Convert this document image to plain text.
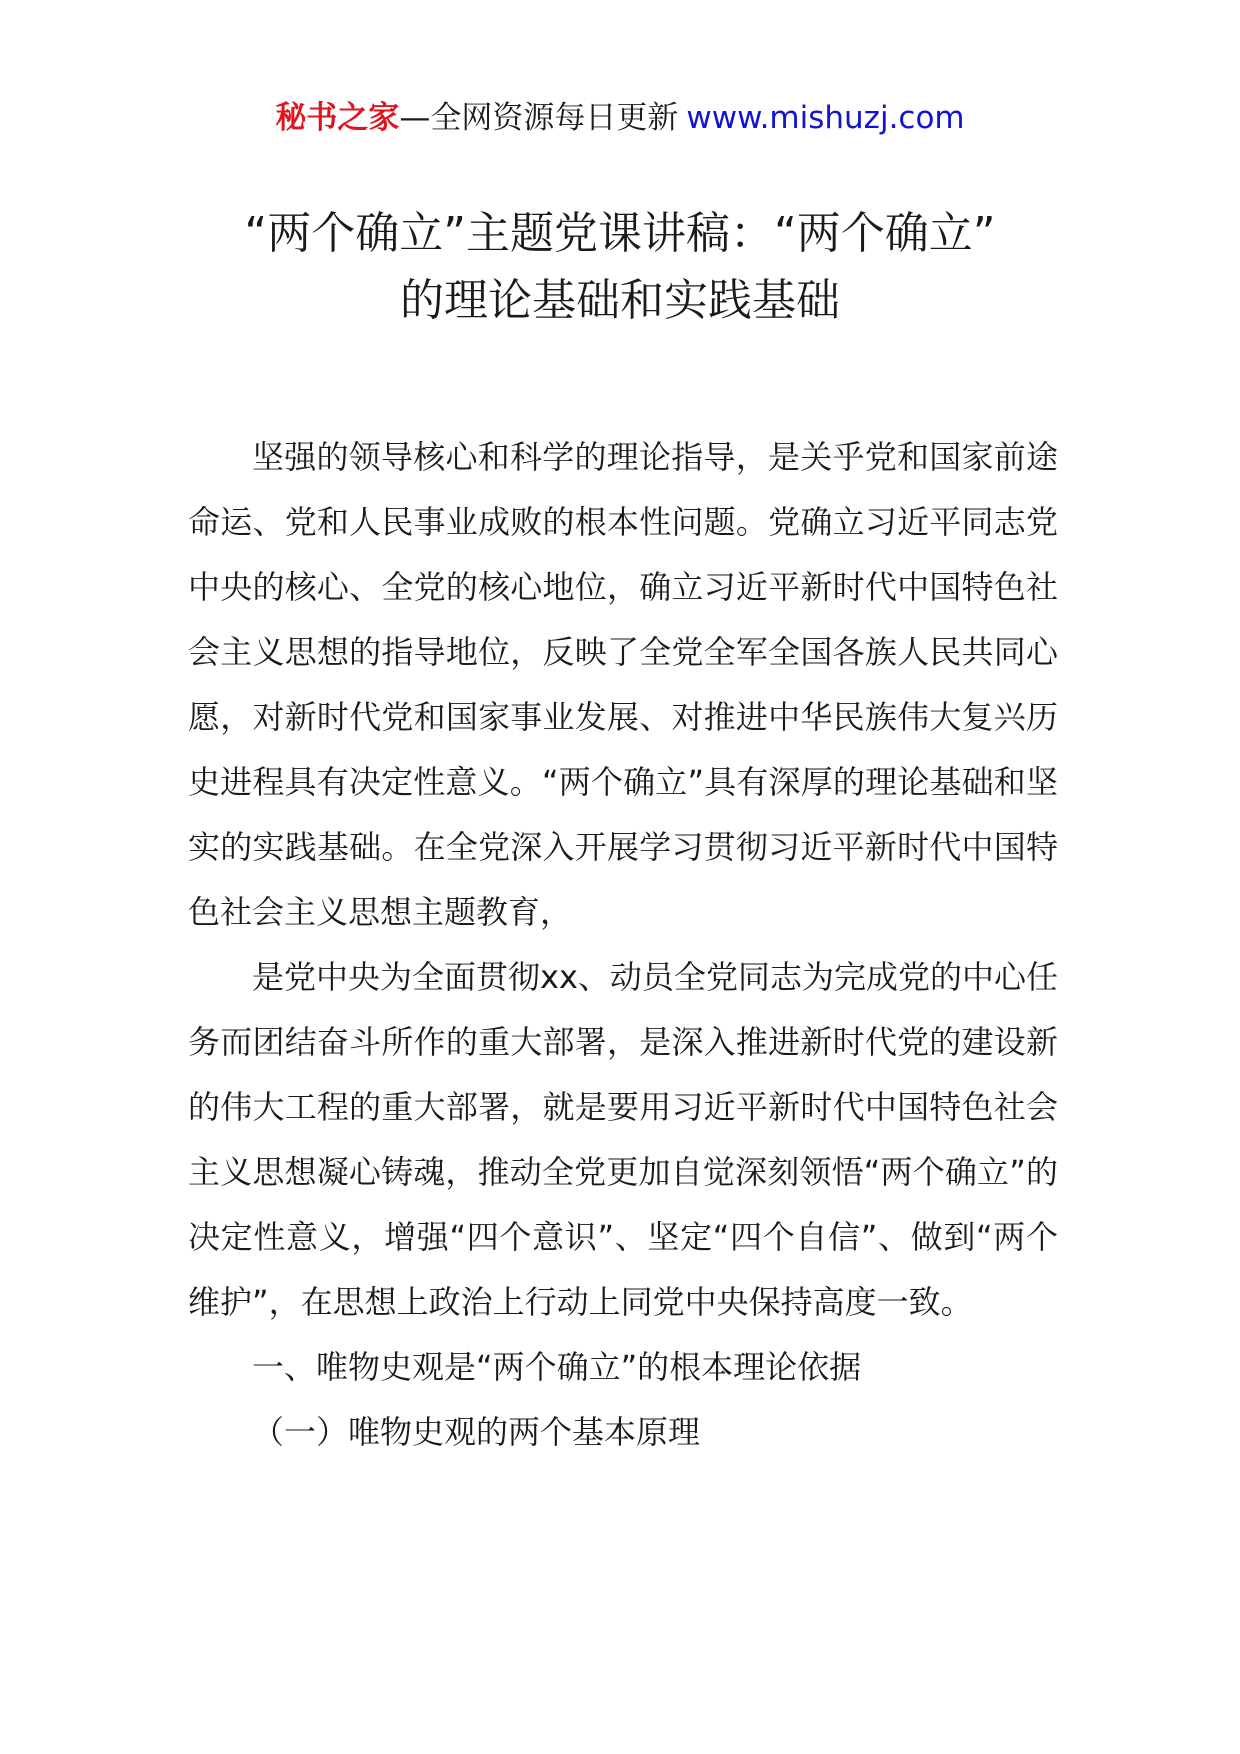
秘书之家—全网资源每日更新 www.mishuzj.com
“两个确立”主题党课讲稿：“两个确立”
的理论基础和实践基础

坚强的领导核心和科学的理论指导，是关乎党和国家前途命运、党和人民事业成败的根本性问题。党确立习近平同志党中央的核心、全党的核心地位，确立习近平新时代中国特色社会主义思想的指导地位，反映了全党全军全国各族人民共同心愿，对新时代党和国家事业发展、对推进中华民族伟大复兴历史进程具有决定性意义。“两个确立”具有深厚的理论基础和坚实的实践基础。在全党深入开展学习贯彻习近平新时代中国特色社会主义思想主题教育，

是党中央为全面贯彻xx、动员全党同志为完成党的中心任务而团结奋斗所作的重大部署，是深入推进新时代党的建设新的伟大工程的重大部署，就是要用习近平新时代中国特色社会主义思想凝心铸魂，推动全党更加自觉深刻领悟“两个确立”的决定性意义，增强“四个意识”、坚定“四个自信”、做到“两个维护”，在思想上政治上行动上同党中央保持高度一致。

一、唯物史观是“两个确立”的根本理论依据

（一）唯物史观的两个基本原理
